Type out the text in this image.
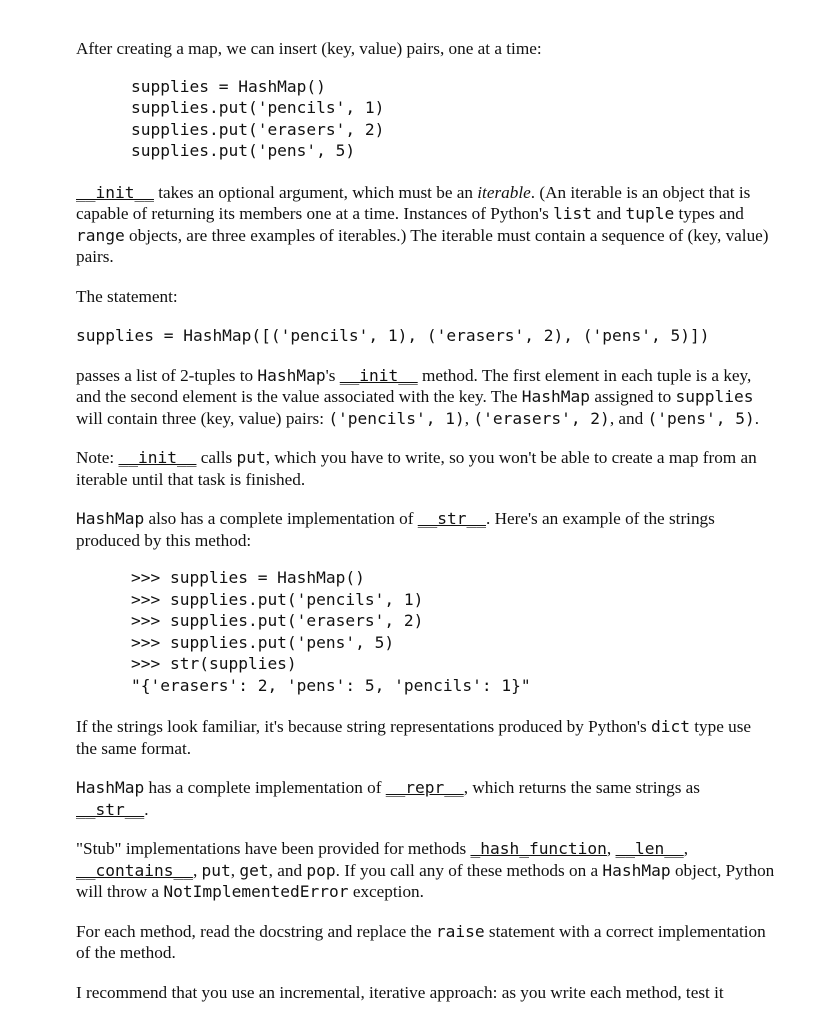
After creating a map, we can insert (key, value) pairs, one at a time:

supplies = HashMap()
supplies.put('pencils', 1)
supplies.put('erasers', 2)
supplies.put('pens', 5)

__init__ takes an optional argument, which must be an iterable. (An iterable is an object that is capable of returning its members one at a time. Instances of Python's list and tuple types and range objects, are three examples of iterables.) The iterable must contain a sequence of (key, value) pairs.

The statement:

supplies = HashMap([('pencils', 1), ('erasers', 2), ('pens', 5)])

passes a list of 2-tuples to HashMap's __init__ method. The first element in each tuple is a key, and the second element is the value associated with the key. The HashMap assigned to supplies will contain three (key, value) pairs: ('pencils', 1), ('erasers', 2), and ('pens', 5).

Note: __init__ calls put, which you have to write, so you won't be able to create a map from an iterable until that task is finished.

HashMap also has a complete implementation of __str__. Here's an example of the strings produced by this method:

>>> supplies = HashMap()
>>> supplies.put('pencils', 1)
>>> supplies.put('erasers', 2)
>>> supplies.put('pens', 5)
>>> str(supplies)
"{'erasers': 2, 'pens': 5, 'pencils': 1}"

If the strings look familiar, it's because string representations produced by Python's dict type use the same format.

HashMap has a complete implementation of __repr__, which returns the same strings as __str__.

"Stub" implementations have been provided for methods _hash_function, __len__, __contains__, put, get, and pop. If you call any of these methods on a HashMap object, Python will throw a NotImplementedError exception.

For each method, read the docstring and replace the raise statement with a correct implementation of the method.

I recommend that you use an incremental, iterative approach: as you write each method, test it
